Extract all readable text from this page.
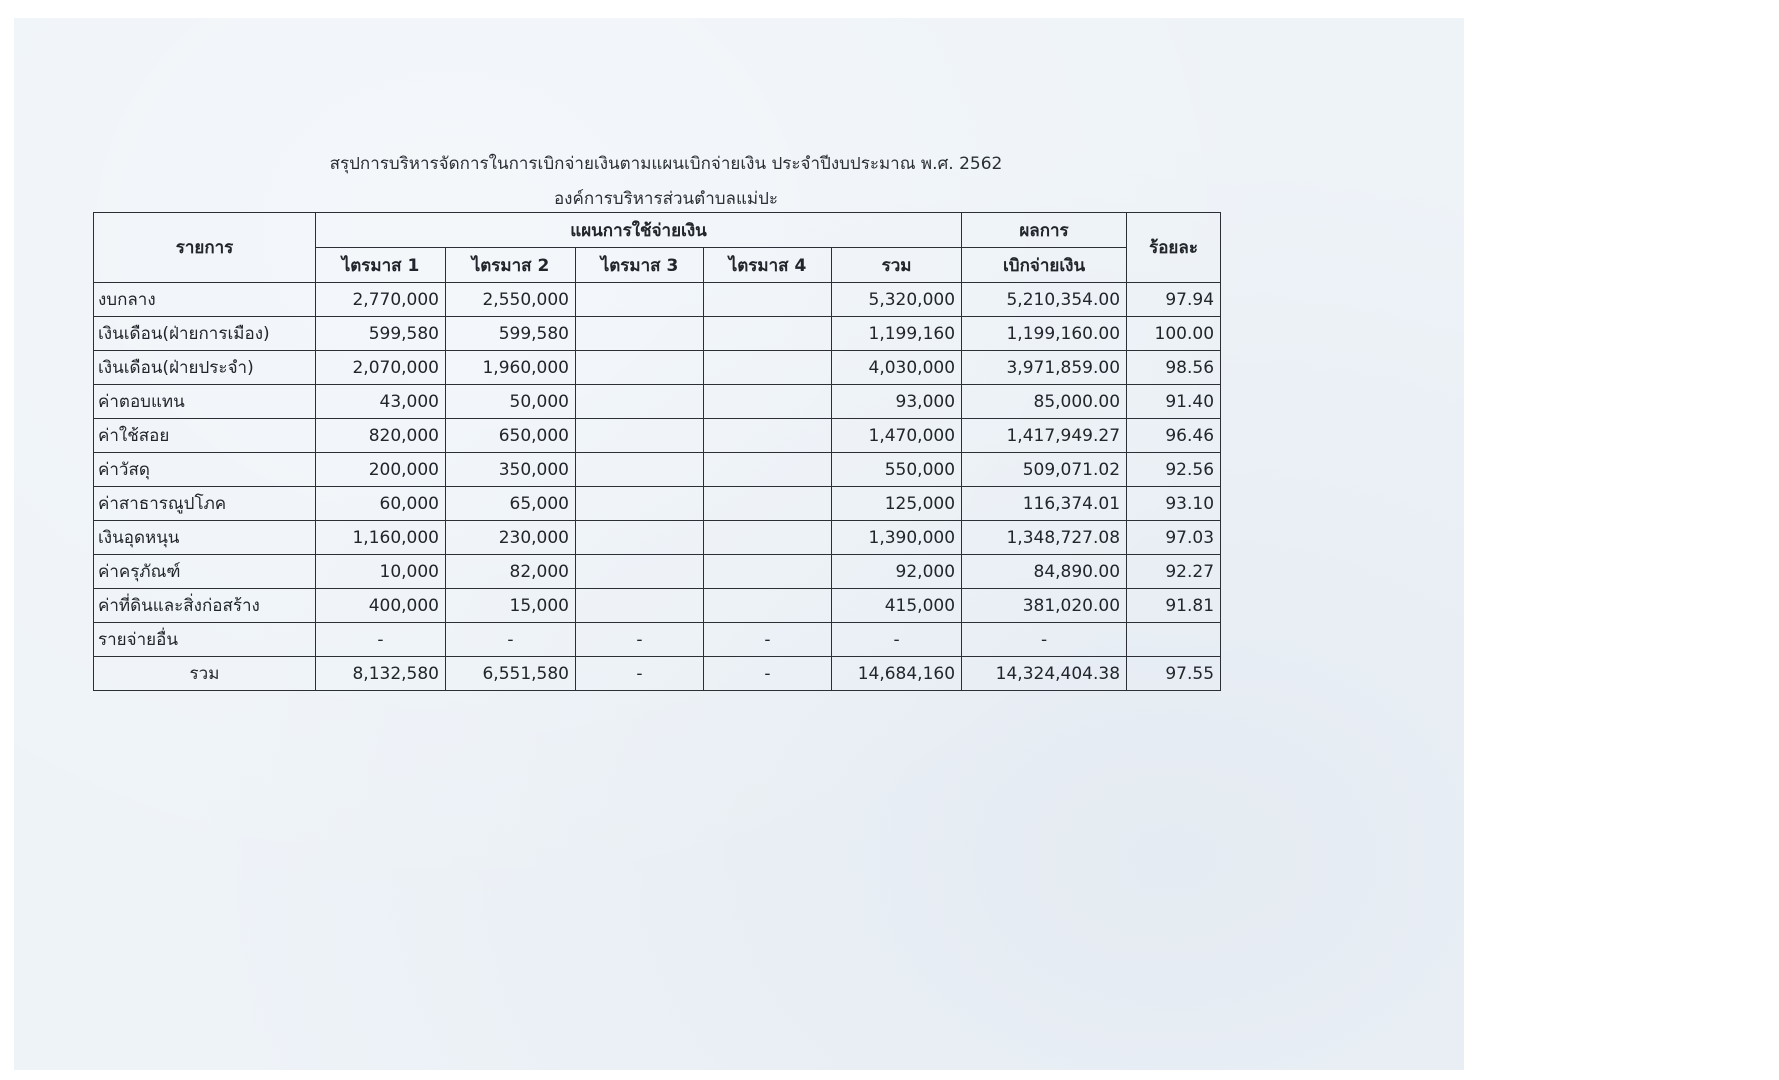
สรุปการบริหารจัดการในการเบิกจ่ายเงินตามแผนเบิกจ่ายเงิน ประจำปีงบประมาณ พ.ศ. 2562
องค์การบริหารส่วนตำบลแม่ปะ
รายการ	แผนการใช้จ่ายเงิน					ผลการ	ร้อยละ
	ไตรมาส 1	ไตรมาส 2	ไตรมาส 3	ไตรมาส 4	รวม	เบิกจ่ายเงิน	
งบกลาง	2,770,000	2,550,000			5,320,000	5,210,354.00	97.94
เงินเดือน(ฝ่ายการเมือง)	599,580	599,580			1,199,160	1,199,160.00	100.00
เงินเดือน(ฝ่ายประจำ)	2,070,000	1,960,000			4,030,000	3,971,859.00	98.56
ค่าตอบแทน	43,000	50,000			93,000	85,000.00	91.40
ค่าใช้สอย	820,000	650,000			1,470,000	1,417,949.27	96.46
ค่าวัสดุ	200,000	350,000			550,000	509,071.02	92.56
ค่าสาธารณูปโภค	60,000	65,000			125,000	116,374.01	93.10
เงินอุดหนุน	1,160,000	230,000			1,390,000	1,348,727.08	97.03
ค่าครุภัณฑ์	10,000	82,000			92,000	84,890.00	92.27
ค่าที่ดินและสิ่งก่อสร้าง	400,000	15,000			415,000	381,020.00	91.81
รายจ่ายอื่น	-	-	-	-	-	-	
รวม	8,132,580	6,551,580	-	-	14,684,160	14,324,404.38	97.55
